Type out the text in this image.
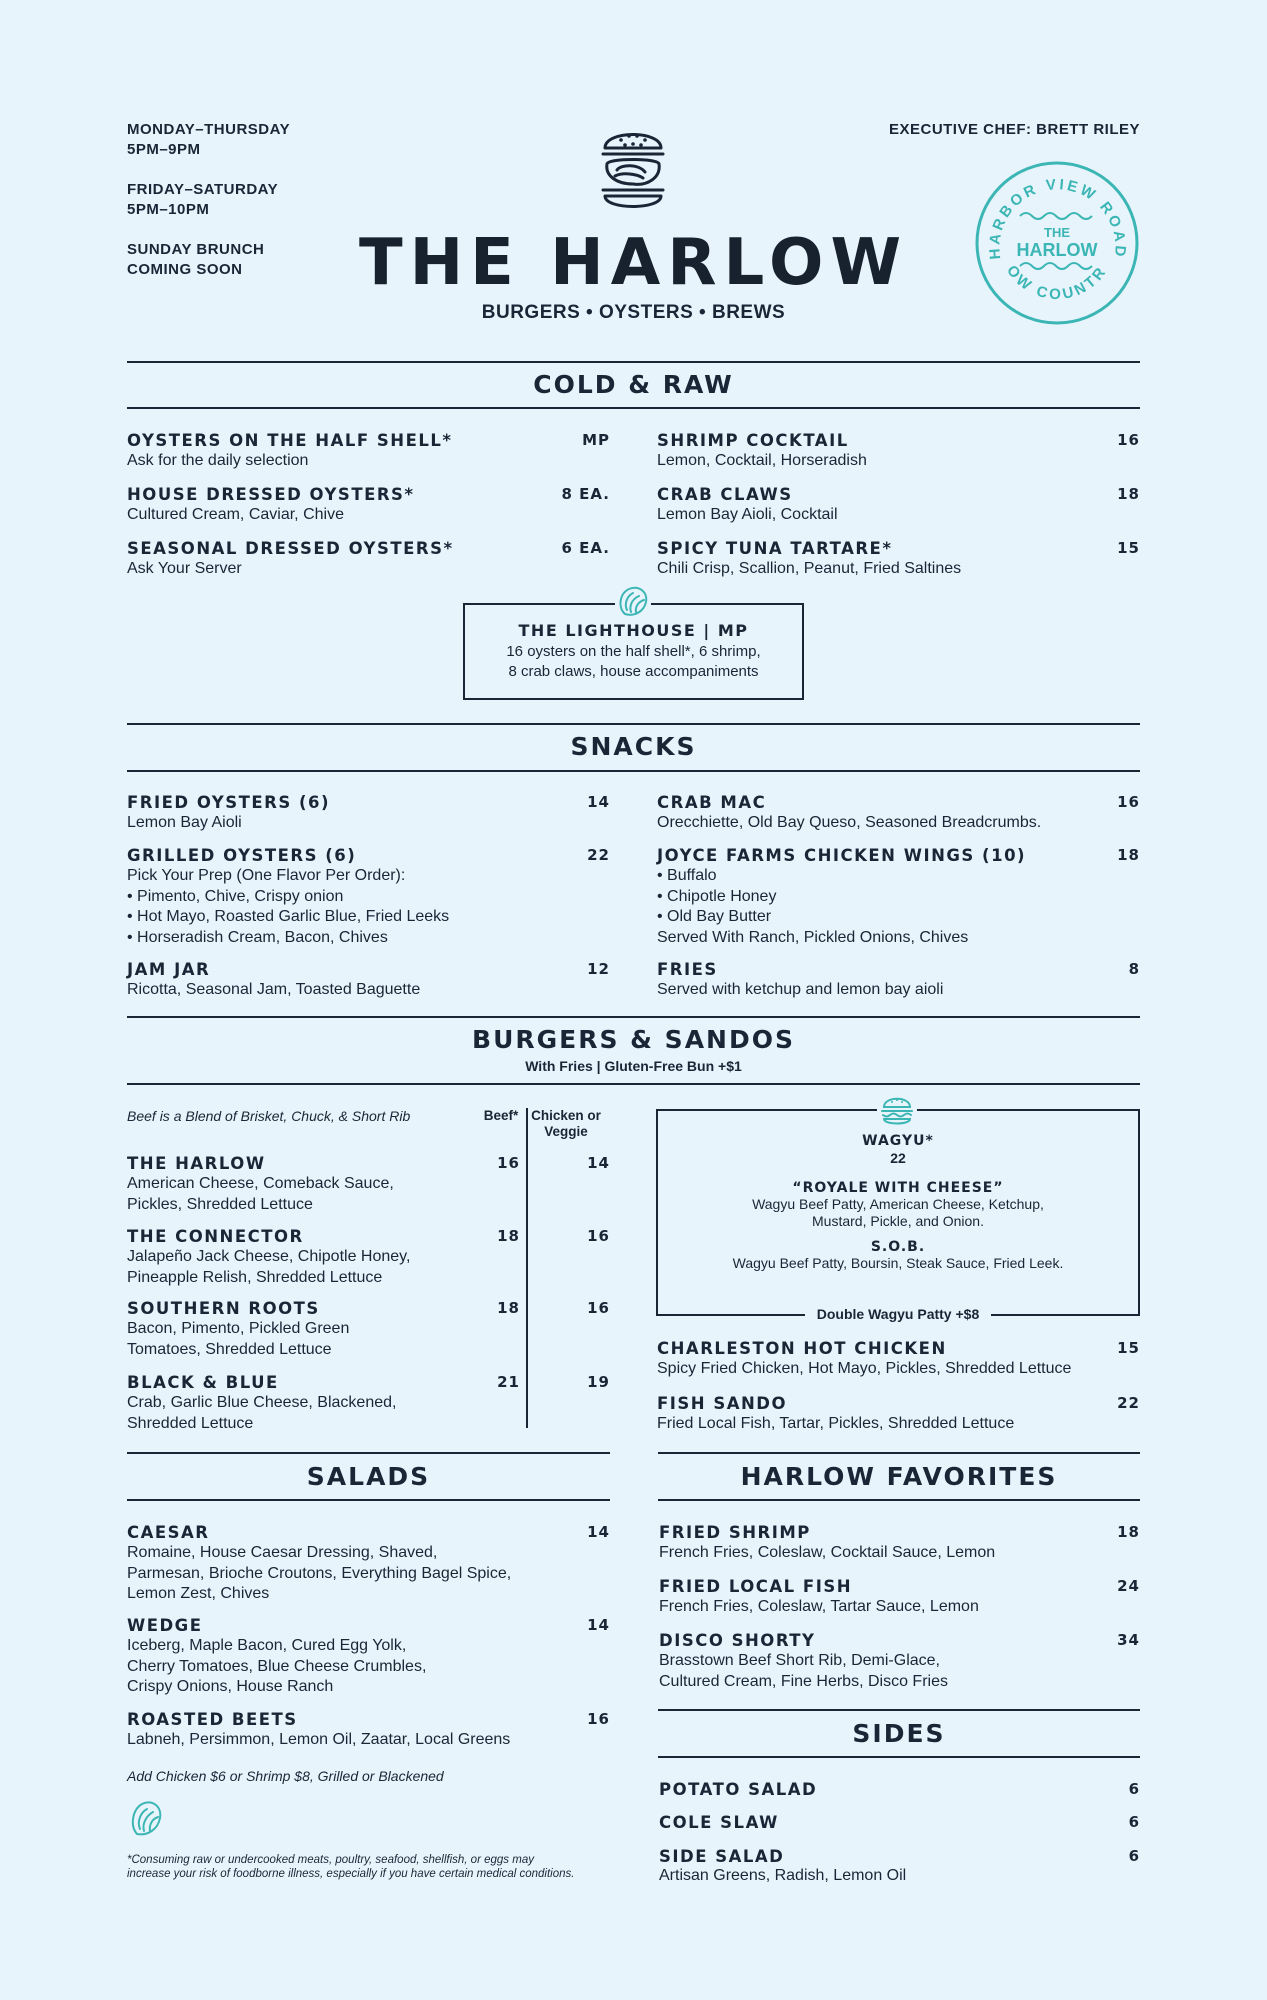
MONDAY–THURSDAY
5PM–9PM
FRIDAY–SATURDAY
5PM–10PM
SUNDAY BRUNCH
COMING SOON
EXECUTIVE CHEF: BRETT RILEY
THE HARLOW
BURGERS • OYSTERS • BREWS
HARBOR VIEW ROAD
OW COUNTR
THE
HARLOW
COLD & RAW
OYSTERS ON THE HALF SHELL*	MP
Ask for the daily selection
HOUSE DRESSED OYSTERS*	8 EA.
Cultured Cream, Caviar, Chive
SEASONAL DRESSED OYSTERS*	6 EA.
Ask Your Server
SHRIMP COCKTAIL	16
Lemon, Cocktail, Horseradish
CRAB CLAWS	18
Lemon Bay Aioli, Cocktail
SPICY TUNA TARTARE*	15
Chili Crisp, Scallion, Peanut, Fried Saltines
THE LIGHTHOUSE | MP
16 oysters on the half shell*, 6 shrimp,
8 crab claws, house accompaniments
SNACKS
FRIED OYSTERS (6)	14
Lemon Bay Aioli
GRILLED OYSTERS (6)	22
Pick Your Prep (One Flavor Per Order):
• Pimento, Chive, Crispy onion
• Hot Mayo, Roasted Garlic Blue, Fried Leeks
• Horseradish Cream, Bacon, Chives
JAM JAR	12
Ricotta, Seasonal Jam, Toasted Baguette
CRAB MAC	16
Orecchiette, Old Bay Queso, Seasoned Breadcrumbs.
JOYCE FARMS CHICKEN WINGS (10)	18
• Buffalo
• Chipotle Honey
• Old Bay Butter
Served With Ranch, Pickled Onions, Chives
FRIES	8
Served with ketchup and lemon bay aioli
BURGERS & SANDOS
With Fries | Gluten-Free Bun +$1
Beef is a Blend of Brisket, Chuck, & Short Rib	Beef* Chicken or
Veggie
THE HARLOW	16	14
American Cheese, Comeback Sauce,
Pickles, Shredded Lettuce
THE CONNECTOR	18	16
Jalapeño Jack Cheese, Chipotle Honey,
Pineapple Relish, Shredded Lettuce
SOUTHERN ROOTS	18	16
Bacon, Pimento, Pickled Green
Tomatoes, Shredded Lettuce
BLACK & BLUE	21	19
Crab, Garlic Blue Cheese, Blackened,
Shredded Lettuce
WAGYU*
22
“ROYALE WITH CHEESE”
Wagyu Beef Patty, American Cheese, Ketchup,
Mustard, Pickle, and Onion.
S.O.B.
Wagyu Beef Patty, Boursin, Steak Sauce, Fried Leek.
Double Wagyu Patty +$8
CHARLESTON HOT CHICKEN	15
Spicy Fried Chicken, Hot Mayo, Pickles, Shredded Lettuce
FISH SANDO	22
Fried Local Fish, Tartar, Pickles, Shredded Lettuce
SALADS
CAESAR	14
Romaine, House Caesar Dressing, Shaved,
Parmesan, Brioche Croutons, Everything Bagel Spice,
Lemon Zest, Chives
WEDGE	14
Iceberg, Maple Bacon, Cured Egg Yolk,
Cherry Tomatoes, Blue Cheese Crumbles,
Crispy Onions, House Ranch
ROASTED BEETS	16
Labneh, Persimmon, Lemon Oil, Zaatar, Local Greens
Add Chicken $6 or Shrimp $8, Grilled or Blackened
*Consuming raw or undercooked meats, poultry, seafood, shellfish, or eggs may
increase your risk of foodborne illness, especially if you have certain medical conditions.
HARLOW FAVORITES
FRIED SHRIMP	18
French Fries, Coleslaw, Cocktail Sauce, Lemon
FRIED LOCAL FISH	24
French Fries, Coleslaw, Tartar Sauce, Lemon
DISCO SHORTY	34
Brasstown Beef Short Rib, Demi-Glace,
Cultured Cream, Fine Herbs, Disco Fries
SIDES
POTATO SALAD	6
COLE SLAW	6
SIDE SALAD	6
Artisan Greens, Radish, Lemon Oil
